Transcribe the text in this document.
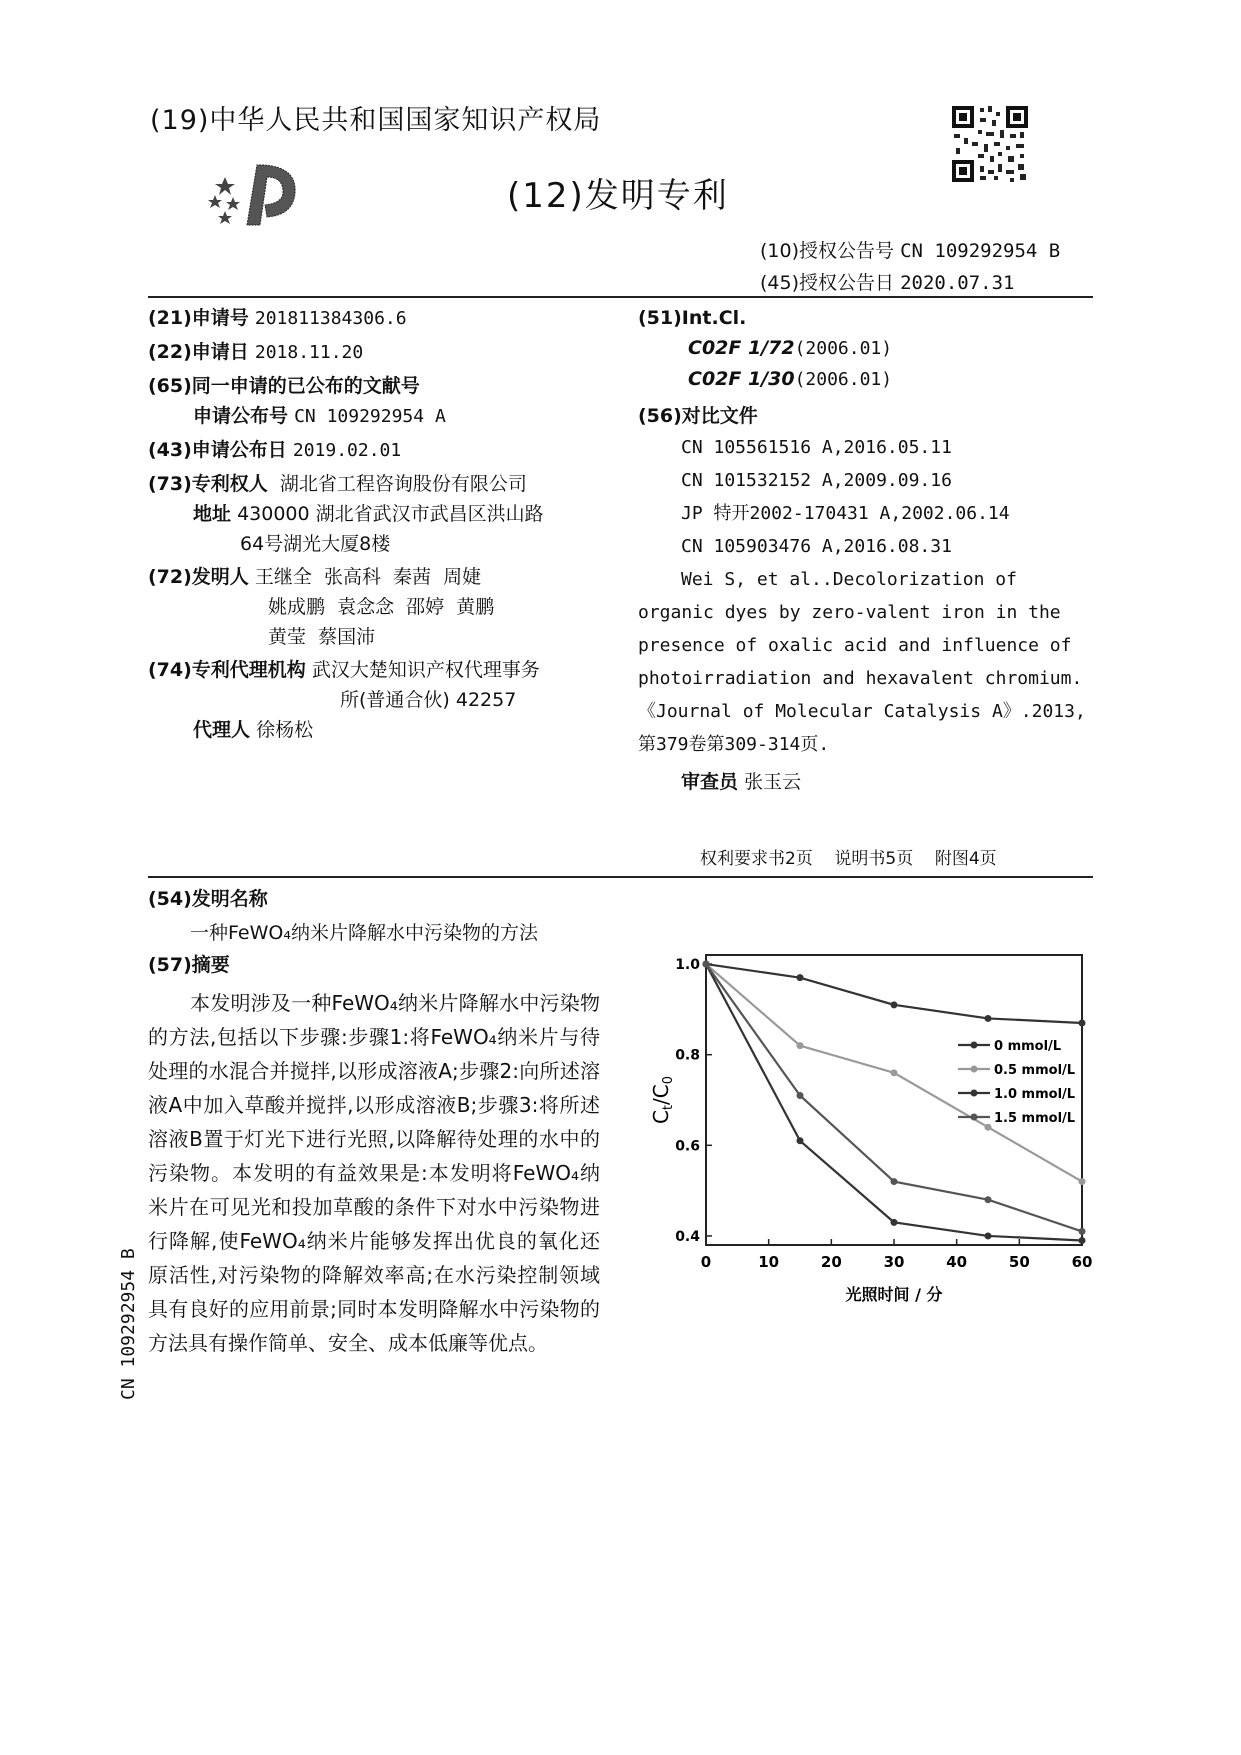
(19)中华人民共和国国家知识产权局
(12)发明专利
(10)授权公告号 CN 109292954 B
(45)授权公告日 2020.07.31
(21)申请号 201811384306.6
(22)申请日 2018.11.20
(65)同一申请的已公布的文献号
申请公布号 CN 109292954 A
(43)申请公布日 2019.02.01
(73)专利权人 湖北省工程咨询股份有限公司
地址 430000 湖北省武汉市武昌区洪山路
64号湖光大厦8楼
(72)发明人 王继全  张高科  秦茜  周婕
姚成鹏  袁念念  邵婷  黄鹏
黄莹  蔡国沛
(74)专利代理机构 武汉大楚知识产权代理事务
所(普通合伙) 42257
代理人 徐杨松
(51)Int.Cl.
C02F 1/72(2006.01)
C02F 1/30(2006.01)
(56)对比文件
CN 105561516 A,2016.05.11
CN 101532152 A,2009.09.16
JP 特开2002-170431 A,2002.06.14
CN 105903476 A,2016.08.31
Wei S, et al..Decolorization of
organic dyes by zero-valent iron in the
presence of oxalic acid and influence of
photoirradiation and hexavalent chromium.
《Journal of Molecular Catalysis A》.2013,
第379卷第309-314页.
审查员 张玉云
权利要求书2页    说明书5页    附图4页
(54)发明名称
一种FeWO₄纳米片降解水中污染物的方法
(57)摘要
本发明涉及一种FeWO₄纳米片降解水中污染物的方法,包括以下步骤:步骤1:将FeWO₄纳米片与待处理的水混合并搅拌,以形成溶液A;步骤2:向所述溶液A中加入草酸并搅拌,以形成溶液B;步骤3:将所述溶液B置于灯光下进行光照,以降解待处理的水中的污染物。本发明的有益效果是:本发明将FeWO₄纳米片在可见光和投加草酸的条件下对水中污染物进行降解,使FeWO₄纳米片能够发挥出优良的氧化还原活性,对污染物的降解效率高;在水污染控制领域具有良好的应用前景;同时本发明降解水中污染物的方法具有操作简单、安全、成本低廉等优点。
0	10	20	30	40	50	60
0.4
0.6
0.8
1.0
0 mmol/L
0.5 mmol/L
1.0 mmol/L
1.5 mmol/L
光照时间 / 分
$C_t/C_0$
CN 109292954 B
